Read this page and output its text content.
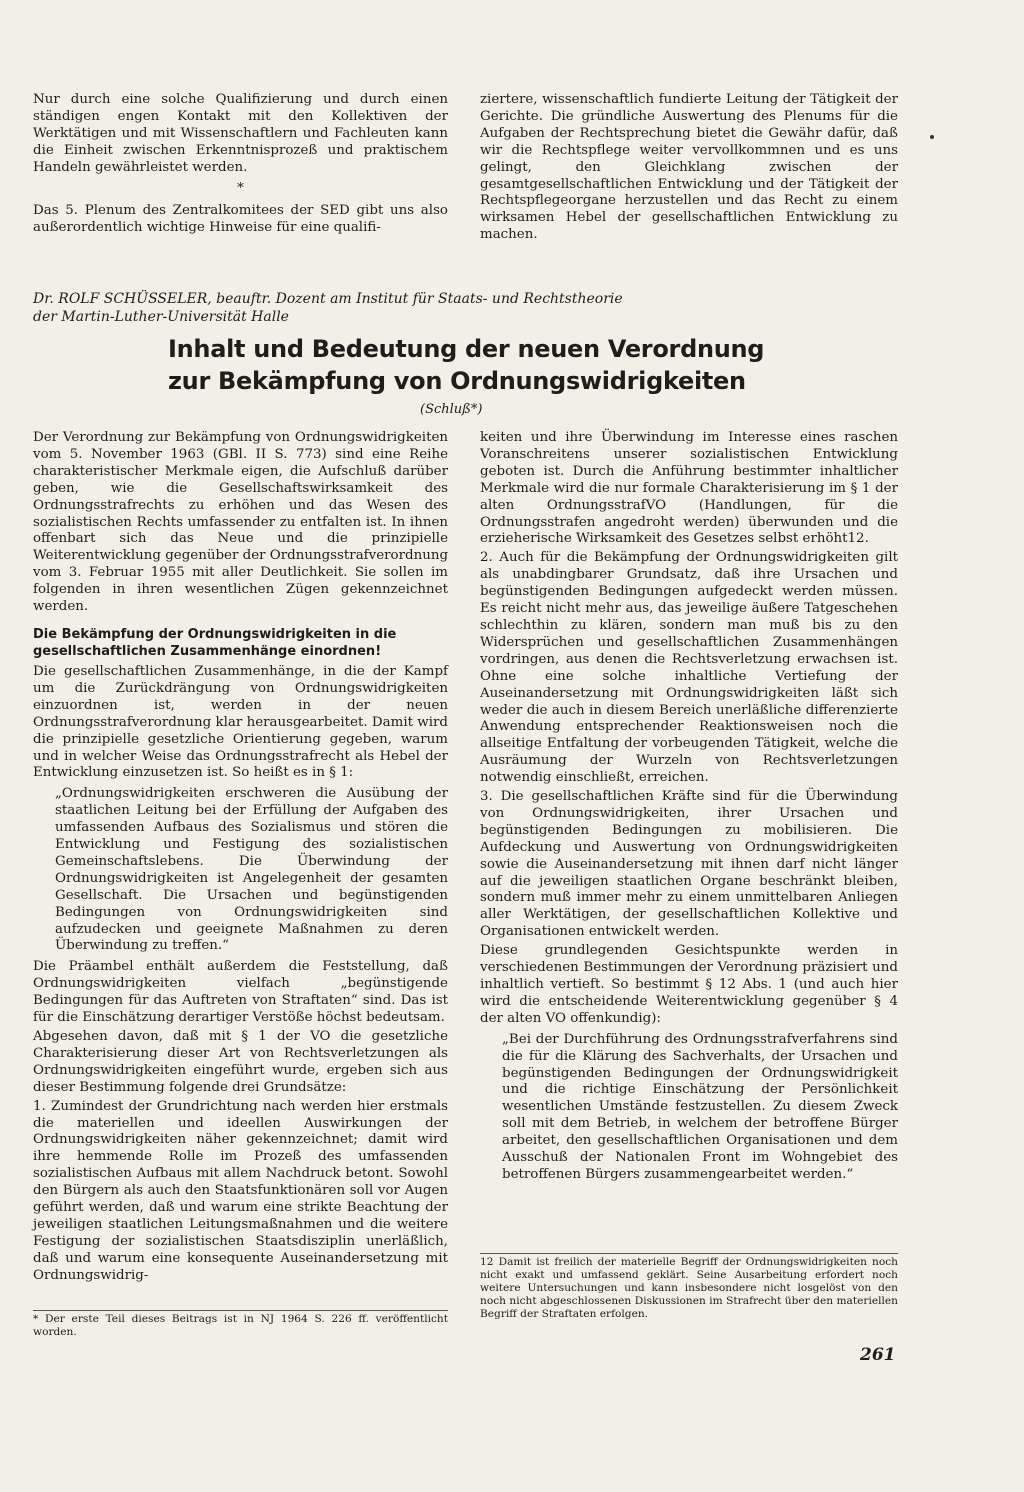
Nur durch eine solche Qualifizierung und durch einen ständigen engen Kontakt mit den Kollektiven der Werktätigen und mit Wissenschaftlern und Fachleuten kann die Einheit zwischen Erkenntnisprozeß und praktischem Handeln gewährleistet werden.

*

Das 5. Plenum des Zentralkomitees der SED gibt uns also außerordentlich wichtige Hinweise für eine qualifi-

ziertere, wissenschaftlich fundierte Leitung der Tätigkeit der Gerichte. Die gründliche Auswertung des Plenums für die Aufgaben der Rechtsprechung bietet die Gewähr dafür, daß wir die Rechtspflege weiter vervollkommnen und es uns gelingt, den Gleichklang zwischen der gesamtgesellschaftlichen Entwicklung und der Tätigkeit der Rechtspflegeorgane herzustellen und das Recht zu einem wirksamen Hebel der gesellschaftlichen Entwicklung zu machen.

Dr. ROLF SCHÜSSELER, beauftr. Dozent am Institut für Staats- und Rechtstheorie
der Martin-Luther-Universität Halle
Inhalt und Bedeutung der neuen Verordnung
zur Bekämpfung von Ordnungswidrigkeiten
(Schluß*)

Der Verordnung zur Bekämpfung von Ordnungswidrigkeiten vom 5. November 1963 (GBl. II S. 773) sind eine Reihe charakteristischer Merkmale eigen, die Aufschluß darüber geben, wie die Gesellschaftswirksamkeit des Ordnungsstrafrechts zu erhöhen und das Wesen des sozialistischen Rechts umfassender zu entfalten ist. In ihnen offenbart sich das Neue und die prinzipielle Weiterentwicklung gegenüber der Ordnungsstrafverordnung vom 3. Februar 1955 mit aller Deutlichkeit. Sie sollen im folgenden in ihren wesentlichen Zügen gekennzeichnet werden.

Die Bekämpfung der Ordnungswidrigkeiten in die gesellschaftlichen Zusammenhänge einordnen!

Die gesellschaftlichen Zusammenhänge, in die der Kampf um die Zurückdrängung von Ordnungswidrigkeiten einzuordnen ist, werden in der neuen Ordnungsstrafverordnung klar herausgearbeitet. Damit wird die prinzipielle gesetzliche Orientierung gegeben, warum und in welcher Weise das Ordnungsstrafrecht als Hebel der Entwicklung einzusetzen ist. So heißt es in § 1:

„Ordnungswidrigkeiten erschweren die Ausübung der staatlichen Leitung bei der Erfüllung der Aufgaben des umfassenden Aufbaus des Sozialismus und stören die Entwicklung und Festigung des sozialistischen Gemeinschaftslebens. Die Überwindung der Ordnungswidrigkeiten ist Angelegenheit der gesamten Gesellschaft. Die Ursachen und begünstigenden Bedingungen von Ordnungswidrigkeiten sind aufzudecken und geeignete Maßnahmen zu deren Überwindung zu treffen.“

Die Präambel enthält außerdem die Feststellung, daß Ordnungswidrigkeiten vielfach „begünstigende Bedingungen für das Auftreten von Straftaten“ sind. Das ist für die Einschätzung derartiger Verstöße höchst bedeutsam.

Abgesehen davon, daß mit § 1 der VO die gesetzliche Charakterisierung dieser Art von Rechtsverletzungen als Ordnungswidrigkeiten eingeführt wurde, ergeben sich aus dieser Bestimmung folgende drei Grundsätze:

1. Zumindest der Grundrichtung nach werden hier erstmals die materiellen und ideellen Auswirkungen der Ordnungswidrigkeiten näher gekennzeichnet; damit wird ihre hemmende Rolle im Prozeß des umfassenden sozialistischen Aufbaus mit allem Nachdruck betont. Sowohl den Bürgern als auch den Staatsfunktionären soll vor Augen geführt werden, daß und warum eine strikte Beachtung der jeweiligen staatlichen Leitungsmaßnahmen und die weitere Festigung der sozialistischen Staatsdisziplin unerläßlich, daß und warum eine konsequente Auseinandersetzung mit Ordnungswidrig-

keiten und ihre Überwindung im Interesse eines raschen Voranschreitens unserer sozialistischen Entwicklung geboten ist. Durch die Anführung bestimmter inhaltlicher Merkmale wird die nur formale Charakterisierung im § 1 der alten OrdnungsstrafVO (Handlungen, für die Ordnungsstrafen angedroht werden) überwunden und die erzieherische Wirksamkeit des Gesetzes selbst erhöht12.

2. Auch für die Bekämpfung der Ordnungswidrigkeiten gilt als unabdingbarer Grundsatz, daß ihre Ursachen und begünstigenden Bedingungen aufgedeckt werden müssen. Es reicht nicht mehr aus, das jeweilige äußere Tatgeschehen schlechthin zu klären, sondern man muß bis zu den Widersprüchen und gesellschaftlichen Zusammenhängen vordringen, aus denen die Rechtsverletzung erwachsen ist. Ohne eine solche inhaltliche Vertiefung der Auseinandersetzung mit Ordnungswidrigkeiten läßt sich weder die auch in diesem Bereich unerläßliche differenzierte Anwendung entsprechender Reaktionsweisen noch die allseitige Entfaltung der vorbeugenden Tätigkeit, welche die Ausräumung der Wurzeln von Rechtsverletzungen notwendig einschließt, erreichen.

3. Die gesellschaftlichen Kräfte sind für die Überwindung von Ordnungswidrigkeiten, ihrer Ursachen und begünstigenden Bedingungen zu mobilisieren. Die Aufdeckung und Auswertung von Ordnungswidrigkeiten sowie die Auseinandersetzung mit ihnen darf nicht länger auf die jeweiligen staatlichen Organe beschränkt bleiben, sondern muß immer mehr zu einem unmittelbaren Anliegen aller Werktätigen, der gesellschaftlichen Kollektive und Organisationen entwickelt werden.

Diese grundlegenden Gesichtspunkte werden in verschiedenen Bestimmungen der Verordnung präzisiert und inhaltlich vertieft. So bestimmt § 12 Abs. 1 (und auch hier wird die entscheidende Weiterentwicklung gegenüber § 4 der alten VO offenkundig):

„Bei der Durchführung des Ordnungsstrafverfahrens sind die für die Klärung des Sachverhalts, der Ursachen und begünstigenden Bedingungen der Ordnungswidrigkeit und die richtige Einschätzung der Persönlichkeit wesentlichen Umstände festzustellen. Zu diesem Zweck soll mit dem Betrieb, in welchem der betroffene Bürger arbeitet, den gesellschaftlichen Organisationen und dem Ausschuß der Nationalen Front im Wohngebiet des betroffenen Bürgers zusammengearbeitet werden.“

* Der erste Teil dieses Beitrags ist in NJ 1964 S. 226 ff. veröffentlicht worden.
12 Damit ist freilich der materielle Begriff der Ordnungswidrigkeiten noch nicht exakt und umfassend geklärt. Seine Ausarbeitung erfordert noch weitere Untersuchungen und kann insbesondere nicht losgelöst von den noch nicht abgeschlossenen Diskussionen im Strafrecht über den materiellen Begriff der Straftaten erfolgen.
261
